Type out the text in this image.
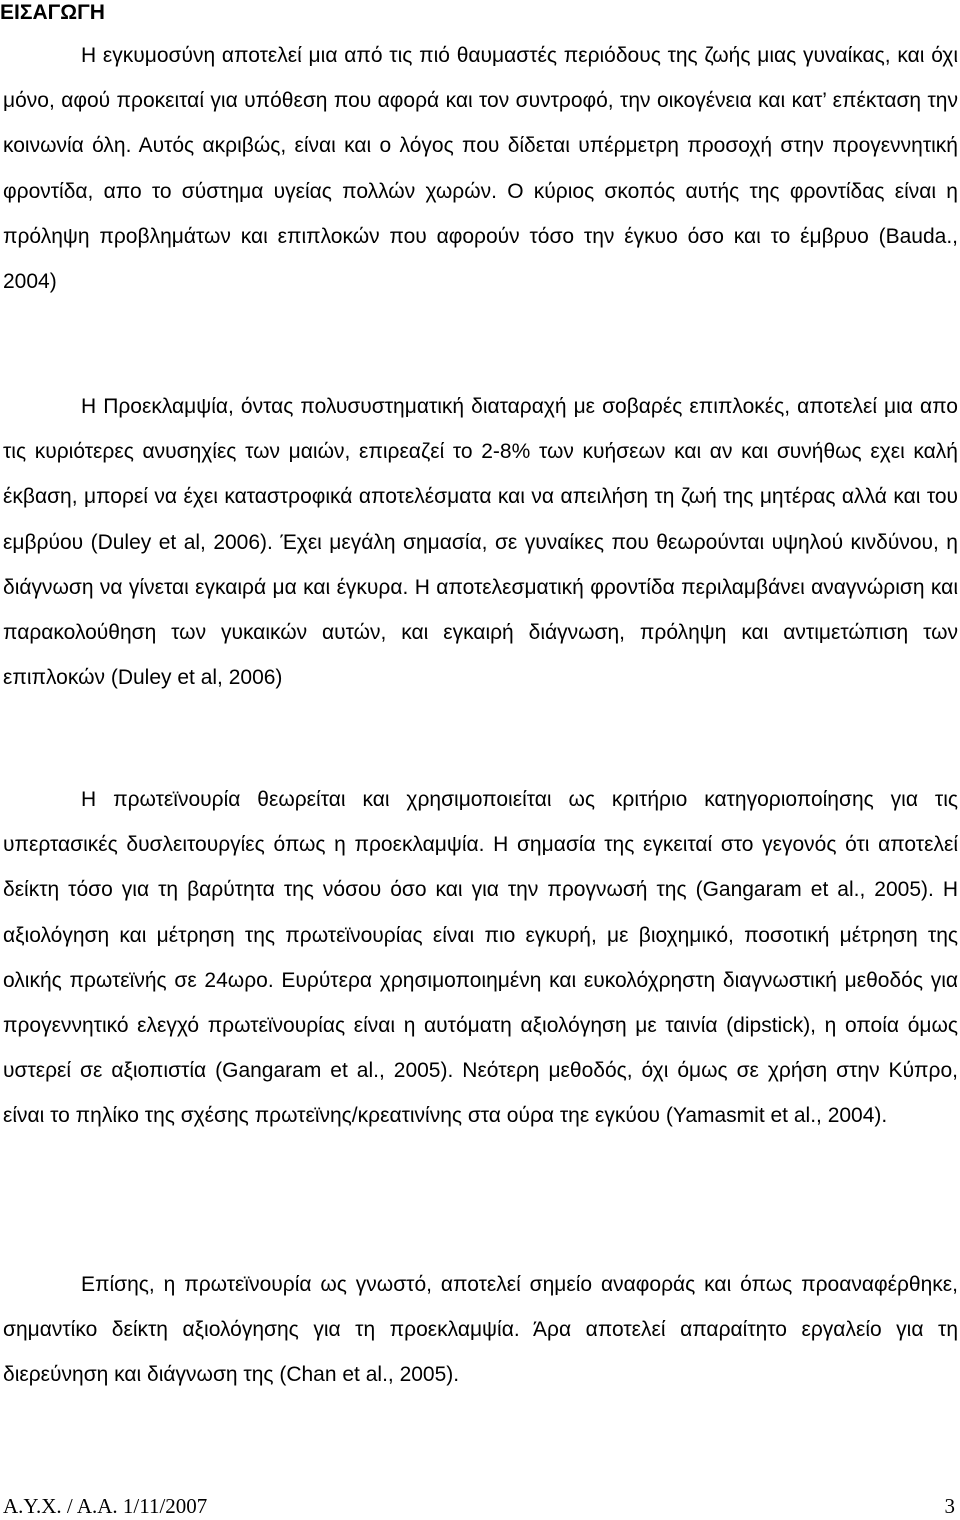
ΕΙΣΑΓΩΓΗ

Η εγκυμοσύνη αποτελεί μια από τις πιό θαυμαστές περιόδους της ζωής μιας γυναίκας, και όχι μόνο, αφού προκειταί για υπόθεση που αφορά και τον συντροφό, την οικογένεια και κατ’ επέκταση την κοινωνία όλη. Αυτός ακριβώς, είναι και ο λόγος που δίδεται υπέρμετρη προσοχή στην προγεννητική φροντίδα, απο το σύστημα υγείας πολλών χωρών. Ο κύριος σκοπός αυτής της φροντίδας είναι η πρόληψη προβλημάτων και επιπλοκών που αφορούν τόσο την έγκυο όσο και το έμβρυο (Bauda., 2004)

Η Προεκλαμψία, όντας πολυσυστηματική διαταραχή με σοβαρές επιπλοκές, αποτελεί μια απο τις κυριότερες ανυσηχίες των μαιών, επιρεαζεί το 2-8% των κυήσεων και αν και συνήθως εχει καλή έκβαση, μπορεί να έχει καταστροφικά αποτελέσματα και να απειλήση τη ζωή της μητέρας αλλά και του εμβρύου (Duley et al, 2006). Έχει μεγάλη σημασία, σε γυναίκες που θεωρούνται υψηλού κινδύνου, η διάγνωση να γίνεται εγκαιρά μα και έγκυρα. Η αποτελεσματική φροντίδα περιλαμβάνει αναγνώριση και παρακολούθηση των γυκαικών αυτών, και εγκαιρή διάγνωση, πρόληψη και αντιμετώπιση των επιπλοκών (Duley et al, 2006)

Η πρωτεϊνουρία θεωρείται και χρησιμοποιείται ως κριτήριο κατηγοριοποίησης για τις υπερτασικές δυσλειτουργίες όπως η προεκλαμψία. Η σημασία της εγκειταί στο γεγονός ότι αποτελεί δείκτη τόσο για τη βαρύτητα της νόσου όσο και για την προγνωσή της (Gangaram et al., 2005). Η αξιολόγηση και μέτρηση της πρωτεϊνουρίας είναι πιο εγκυρή, με βιοχημικό, ποσοτική μέτρηση της ολικής πρωτεϊνής σε 24ωρο. Ευρύτερα χρησιμοποιημένη και ευκολόχρηστη διαγνωστική μεθοδός για προγεννητικό ελεγχό πρωτεϊνουρίας είναι η αυτόματη αξιολόγηση με ταινία (dipstick), η οποία όμως υστερεί σε αξιοπιστία (Gangaram et al., 2005). Νεότερη μεθοδός, όχι όμως σε χρήση στην Κύπρο, είναι το πηλίκο της σχέσης πρωτεϊνης/κρεατινίνης στα ούρα τηε εγκύου (Yamasmit et al., 2004).

Επίσης, η πρωτεϊνουρία ως γνωστό, αποτελεί σημείο αναφοράς και όπως προαναφέρθηκε, σημαντίκο δείκτη αξιολόγησης για τη προεκλαμψία. Άρα αποτελεί απαραίτητο εργαλείο για τη διερεύνηση και διάγνωση της (Chan et al., 2005).

Α.Υ.Χ. / Α.Α. 1/11/2007	3
